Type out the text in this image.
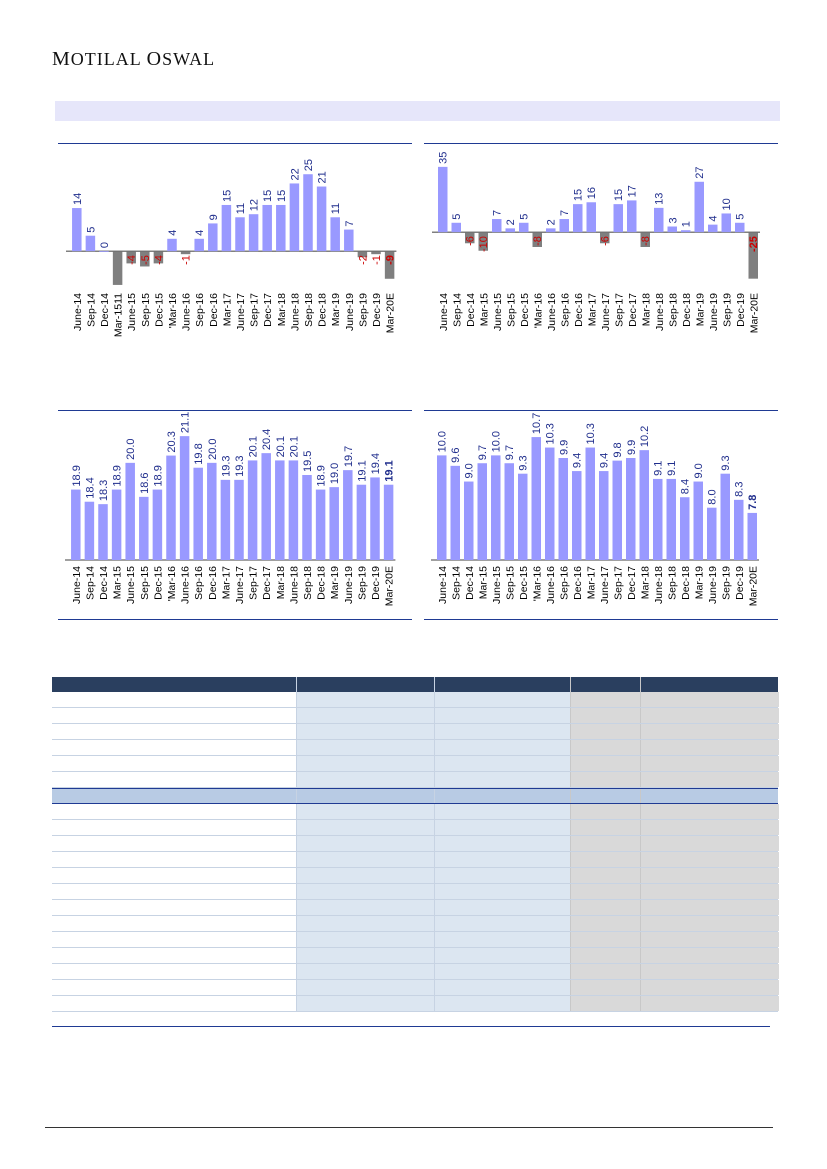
MOTILAL OSWAL
14
June-14
5
Sep-14
0
Dec-14 Mar-1511
-4
June-15
-5
Sep-15
-4
Dec-15
4
'Mar-16
-1
June-16
4
Sep-16
9
Dec-16
15
Mar-17
11
June-17
12
Sep-17
15
Dec-17
15
Mar-18
22
June-18
25
Sep-18
21
Dec-18
11
Mar-19
7
June-19
-2
Sep-19
-1
Dec-19
-9
Mar-20E
35
June-14
5
Sep-14
-6
Dec-14
-10
Mar-15
7
June-15
2
Sep-15
5
Dec-15
-8
'Mar-16
2
June-16
7
Sep-16
15
Dec-16
16
Mar-17
-6
June-17
15
Sep-17
17
Dec-17
-8
Mar-18
13
June-18
3
Sep-18
1
Dec-18
27
Mar-19
4
June-19
10
Sep-19
5
Dec-19
-25
Mar-20E
18.9
June-14
18.4
Sep-14
18.3
Dec-14
18.9
Mar-15
20.0
June-15
18.6
Sep-15
18.9
Dec-15
20.3
'Mar-16
21.1
June-16
19.8
Sep-16
20.0
Dec-16
19.3
Mar-17
19.3
June-17
20.1
Sep-17
20.4
Dec-17
20.1
Mar-18
20.1
June-18
19.5
Sep-18
18.9
Dec-18
19.0
Mar-19
19.7
June-19
19.1
Sep-19
19.4
Dec-19
19.1
Mar-20E
10.0
June-14
9.6
Sep-14
9.0
Dec-14
9.7
Mar-15
10.0
June-15
9.7
Sep-15
9.3
Dec-15
10.7
'Mar-16
10.3
June-16
9.9
Sep-16
9.4
Dec-16
10.3
Mar-17
9.4
June-17
9.8
Sep-17
9.9
Dec-17
10.2
Mar-18
9.1
June-18
9.1
Sep-18
8.4
Dec-18
9.0
Mar-19
8.0
June-19
9.3
Sep-19
8.3
Dec-19
7.8
Mar-20E
